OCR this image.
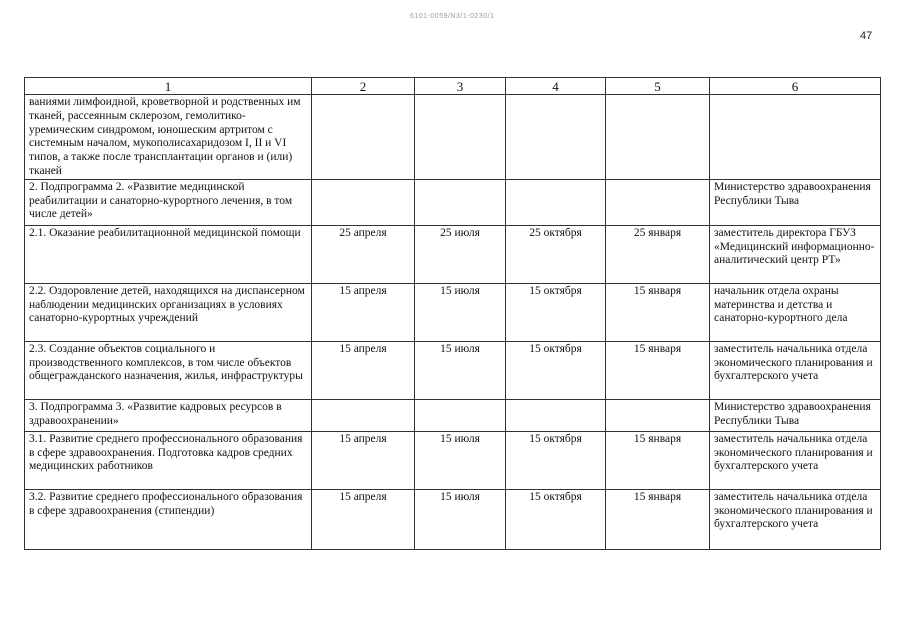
6101-0059/N3/1-0230/1
47
1	2	3	4	5	6
ваниями лимфоидной, кроветворной и родственных им тканей, рассеянным склерозом, гемолитико-уремическим синдромом, юношеским артритом с системным началом, мукополисахаридозом I, II и VI типов, а также после трансплантации органов и (или) тканей					
2. Подпрограмма 2. «Развитие медицинской реабилитации и санаторно-курортного лечения, в том числе детей»					Министерство здравоохранения Республики Тыва
2.1. Оказание реабилитационной медицинской помощи	25 апреля	25 июля	25 октября	25 января	заместитель директора ГБУЗ «Медицинский информационно-аналитический центр РТ»
2.2. Оздоровление детей, находящихся на диспансерном наблюдении медицинских организациях в условиях санаторно-курортных учреждений	15 апреля	15 июля	15 октября	15 января	начальник отдела охраны материнства и детства и санаторно-курортного дела
2.3. Создание объектов социального и производственного комплексов, в том числе объектов общегражданского назначения, жилья, инфраструктуры	15 апреля	15 июля	15 октября	15 января	заместитель начальника отдела экономического планирования и бухгалтерского учета
3. Подпрограмма 3. «Развитие кадровых ресурсов в здравоохранении»					Министерство здравоохранения Республики Тыва
3.1. Развитие среднего профессионального образования в сфере здравоохранения. Подготовка кадров средних медицинских работников	15 апреля	15 июля	15 октября	15 января	заместитель начальника отдела экономического планирования и бухгалтерского учета
3.2. Развитие среднего профессионального образования в сфере здравоохранения (стипендии)	15 апреля	15 июля	15 октября	15 января	заместитель начальника отдела экономического планирования и бухгалтерского учета
